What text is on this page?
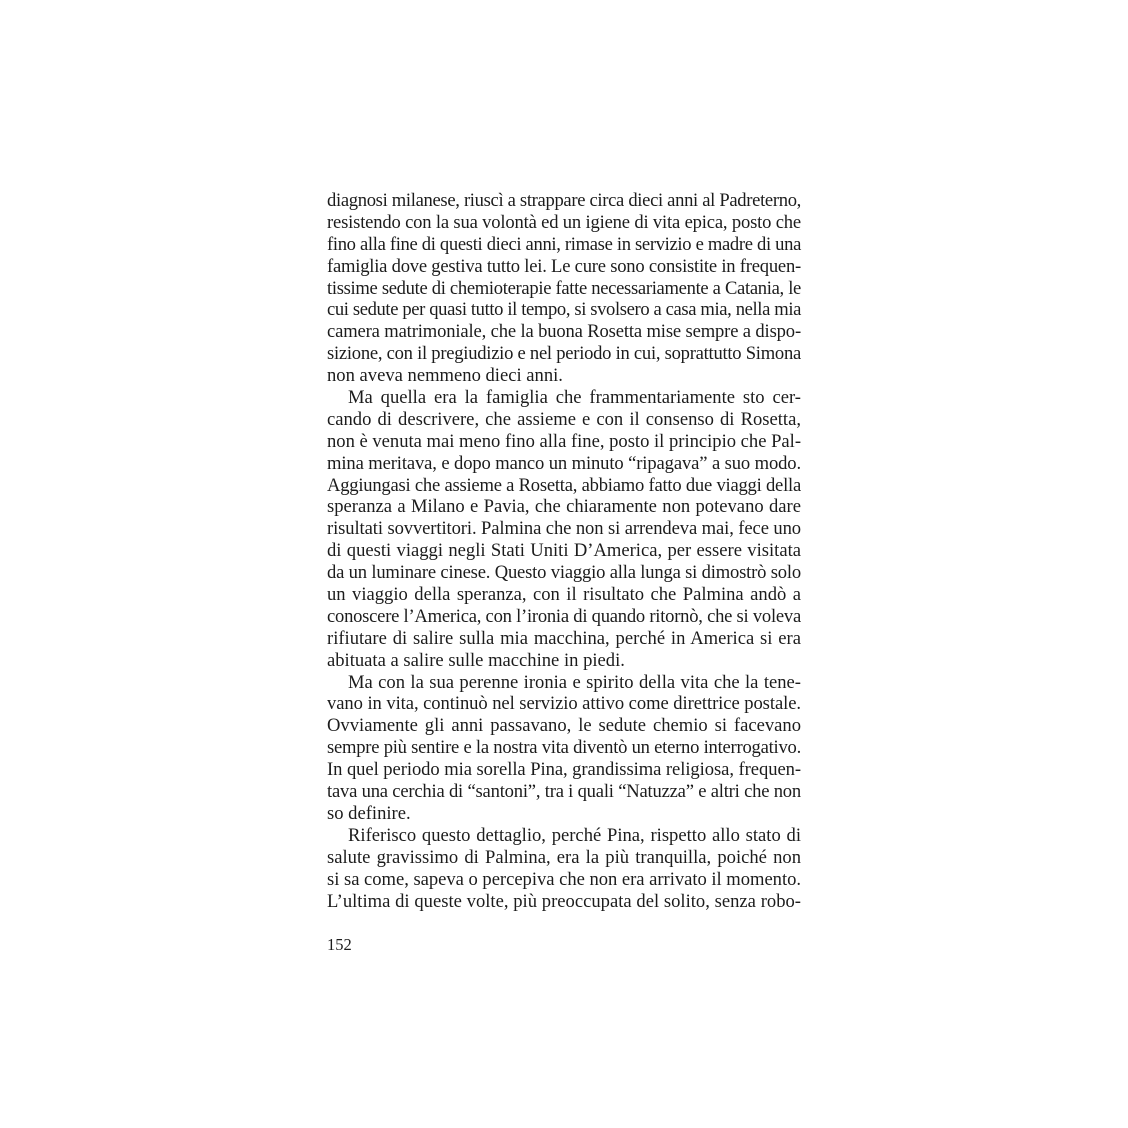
diagnosi milanese, riuscì a strappare circa dieci anni al Padreterno,
resistendo con la sua volontà ed un igiene di vita epica, posto che
fino alla fine di questi dieci anni, rimase in servizio e madre di una
famiglia dove gestiva tutto lei. Le cure sono consistite in frequen-
tissime sedute di chemioterapie fatte necessariamente a Catania, le
cui sedute per quasi tutto il tempo, si svolsero a casa mia, nella mia
camera matrimoniale, che la buona Rosetta mise sempre a dispo-
sizione, con il pregiudizio e nel periodo in cui, soprattutto Simona
non aveva nemmeno dieci anni.
Ma quella era la famiglia che frammentariamente sto cer-
cando di descrivere, che assieme e con il consenso di Rosetta,
non è venuta mai meno fino alla fine, posto il principio che Pal-
mina meritava, e dopo manco un minuto “ripagava” a suo modo.
Aggiungasi che assieme a Rosetta, abbiamo fatto due viaggi della
speranza a Milano e Pavia, che chiaramente non potevano dare
risultati sovvertitori. Palmina che non si arrendeva mai, fece uno
di questi viaggi negli Stati Uniti D’America, per essere visitata
da un luminare cinese. Questo viaggio alla lunga si dimostrò solo
un viaggio della speranza, con il risultato che Palmina andò a
conoscere l’America, con l’ironia di quando ritornò, che si voleva
rifiutare di salire sulla mia macchina, perché in America si era
abituata a salire sulle macchine in piedi.
Ma con la sua perenne ironia e spirito della vita che la tene-
vano in vita, continuò nel servizio attivo come direttrice postale.
Ovviamente gli anni passavano, le sedute chemio si facevano
sempre più sentire e la nostra vita diventò un eterno interrogativo.
In quel periodo mia sorella Pina, grandissima religiosa, frequen-
tava una cerchia di “santoni”, tra i quali “Natuzza” e altri che non
so definire.
Riferisco questo dettaglio, perché Pina, rispetto allo stato di
salute gravissimo di Palmina, era la più tranquilla, poiché non
si sa come, sapeva o percepiva che non era arrivato il momento.
L’ultima di queste volte, più preoccupata del solito, senza robo-
152
